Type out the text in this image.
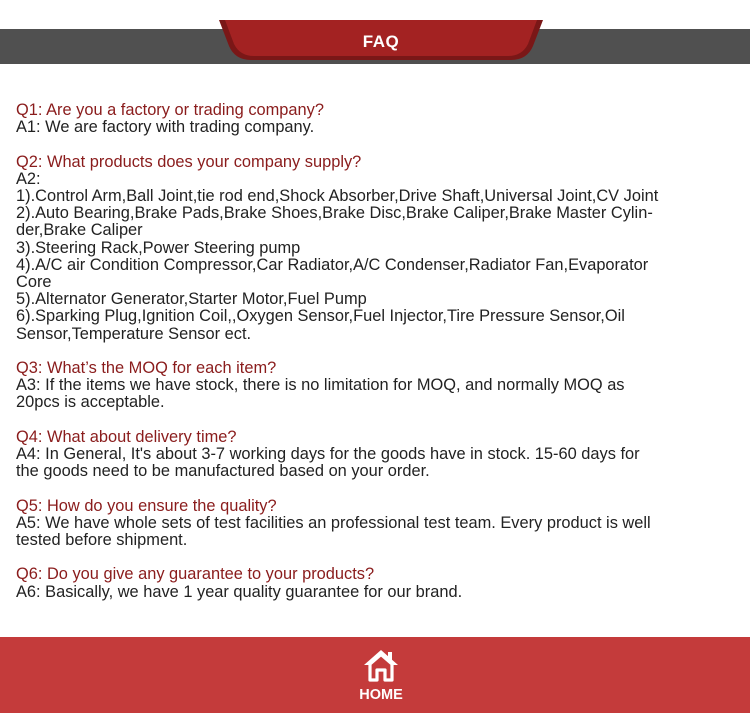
FAQ
Q1: Are you a factory or trading company?
A1: We are factory with trading company.
Q2: What products does your company supply?
A2:
1).Control Arm,Ball Joint,tie rod end,Shock Absorber,Drive Shaft,Universal Joint,CV Joint
2).Auto Bearing,Brake Pads,Brake Shoes,Brake Disc,Brake Caliper,Brake Master Cylin-
der,Brake Caliper
3).Steering Rack,Power Steering pump
4).A/C air Condition Compressor,Car Radiator,A/C Condenser,Radiator Fan,Evaporator
Core
5).Alternator Generator,Starter Motor,Fuel Pump
6).Sparking Plug,Ignition Coil,,Oxygen Sensor,Fuel Injector,Tire Pressure Sensor,Oil
Sensor,Temperature Sensor ect.
Q3: What’s the MOQ for each item?
A3: If the items we have stock, there is no limitation for MOQ, and normally MOQ as
20pcs is acceptable.
Q4: What about delivery time?
A4: In General, It's about 3-7 working days for the goods have in stock. 15-60 days for
the goods need to be manufactured based on your order.
Q5: How do you ensure the quality?
A5: We have whole sets of test facilities an professional test team. Every product is well
tested before shipment.
Q6: Do you give any guarantee to your products?
A6: Basically, we have 1 year quality guarantee for our brand.
HOME
